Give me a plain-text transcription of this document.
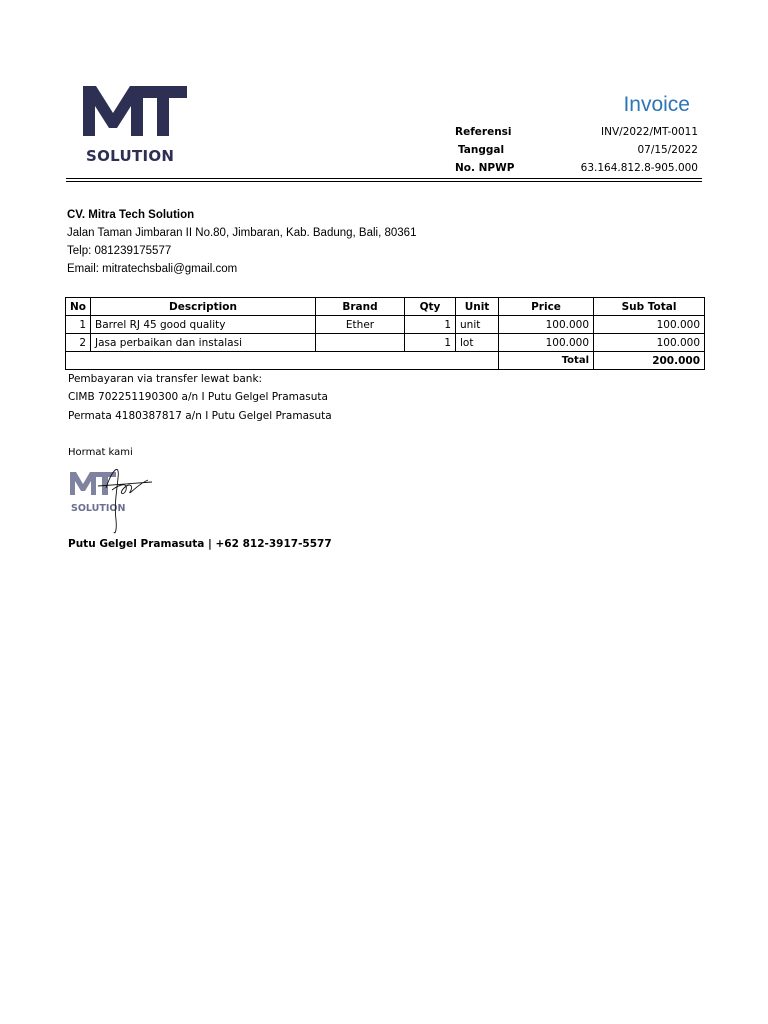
SOLUTION
Invoice
Referensi	INV/2022/MT-0011
Tanggal	07/15/2022
No. NPWP	63.164.812.8-905.000
CV. Mitra Tech Solution
Jalan Taman Jimbaran II No.80, Jimbaran, Kab. Badung, Bali, 80361
Telp: 081239175577
Email: mitratechsbali@gmail.com
No	Description	Brand	Qty	Unit	Price	Sub Total
1	Barrel RJ 45 good quality	Ether	1	unit	100.000	100.000
2	Jasa perbaikan dan instalasi		1	lot	100.000	100.000
					Total	200.000
Pembayaran via transfer lewat bank:
CIMB 702251190300 a/n I Putu Gelgel Pramasuta
Permata 4180387817 a/n I Putu Gelgel Pramasuta
Hormat kami
SOLUTION
Putu Gelgel Pramasuta | +62 812-3917-5577
